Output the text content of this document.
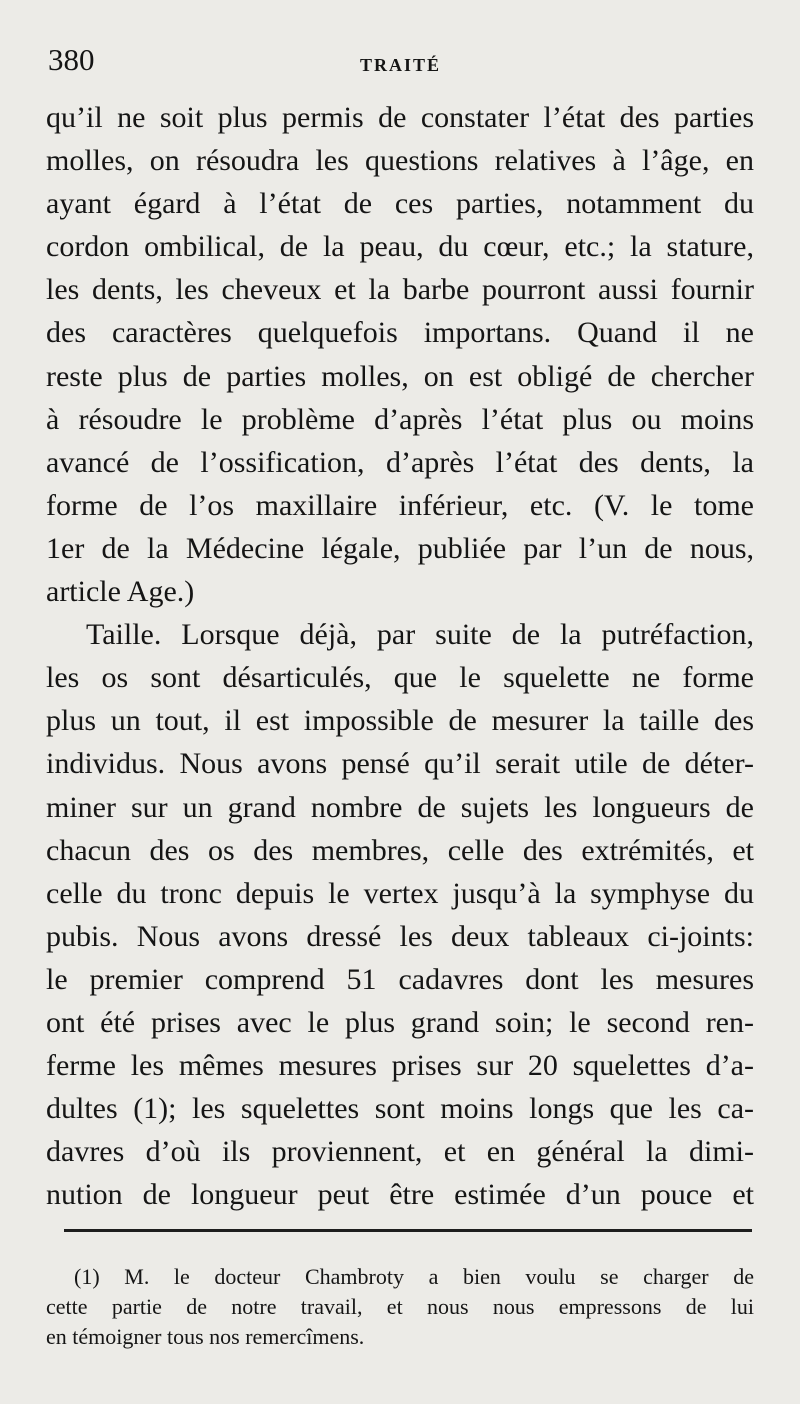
380	TRAITÉ
qu’il ne soit plus permis de constater l’état des parties
molles, on résoudra les questions relatives à l’âge, en
ayant égard à l’état de ces parties, notamment du
cordon ombilical, de la peau, du cœur, etc.; la stature,
les dents, les cheveux et la barbe pourront aussi fournir
des caractères quelquefois importans. Quand il ne
reste plus de parties molles, on est obligé de chercher
à résoudre le problème d’après l’état plus ou moins
avancé de l’ossification, d’après l’état des dents, la
forme de l’os maxillaire inférieur, etc. (V. le tome
1er de la Médecine légale, publiée par l’un de nous,
article Age.)
Taille. Lorsque déjà, par suite de la putréfaction,
les os sont désarticulés, que le squelette ne forme
plus un tout, il est impossible de mesurer la taille des
individus. Nous avons pensé qu’il serait utile de déter-
miner sur un grand nombre de sujets les longueurs de
chacun des os des membres, celle des extrémités, et
celle du tronc depuis le vertex jusqu’à la symphyse du
pubis. Nous avons dressé les deux tableaux ci-joints:
le premier comprend 51 cadavres dont les mesures
ont été prises avec le plus grand soin; le second ren-
ferme les mêmes mesures prises sur 20 squelettes d’a-
dultes (1); les squelettes sont moins longs que les ca-
davres d’où ils proviennent, et en général la dimi-
nution de longueur peut être estimée d’un pouce et
(1) M. le docteur Chambroty a bien voulu se charger de
cette partie de notre travail, et nous nous empressons de lui
en témoigner tous nos remercîmens.
